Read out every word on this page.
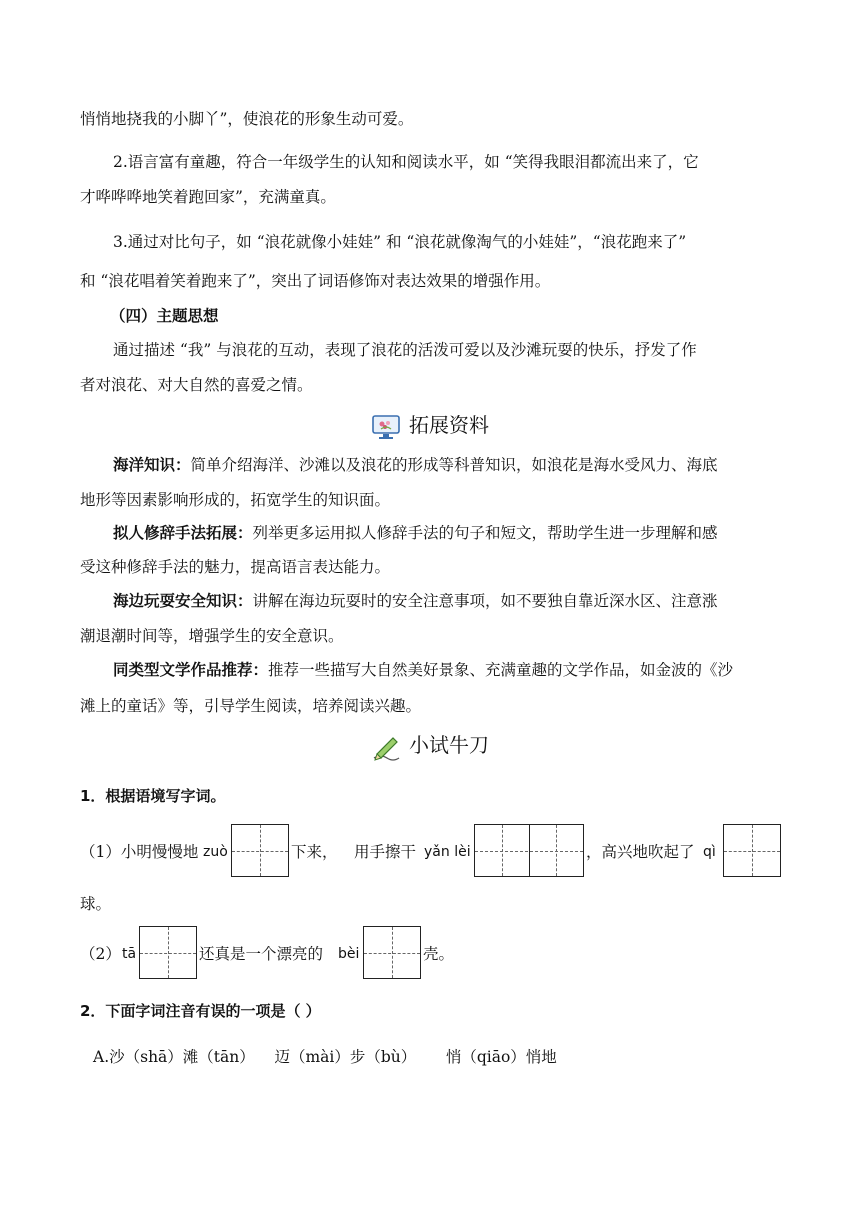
悄悄地挠我的小脚丫”，使浪花的形象生动可爱。
2.语言富有童趣，符合一年级学生的认知和阅读水平，如 “笑得我眼泪都流出来了，它
才哗哗哗地笑着跑回家”，充满童真。
3.通过对比句子，如 “浪花就像小娃娃” 和 “浪花就像淘气的小娃娃”，“浪花跑来了”
和 “浪花唱着笑着跑来了”，突出了词语修饰对表达效果的增强作用。
（四）主题思想
通过描述 “我” 与浪花的互动，表现了浪花的活泼可爱以及沙滩玩耍的快乐，抒发了作
者对浪花、对大自然的喜爱之情。
拓展资料
海洋知识：简单介绍海洋、沙滩以及浪花的形成等科普知识，如浪花是海水受风力、海底
地形等因素影响形成的，拓宽学生的知识面。
拟人修辞手法拓展：列举更多运用拟人修辞手法的句子和短文，帮助学生进一步理解和感
受这种修辞手法的魅力，提高语言表达能力。
海边玩耍安全知识：讲解在海边玩耍时的安全注意事项，如不要独自靠近深水区、注意涨
潮退潮时间等，增强学生的安全意识。
同类型文学作品推荐：推荐一些描写大自然美好景象、充满童趣的文学作品，如金波的《沙
滩上的童话》等，引导学生阅读，培养阅读兴趣。
小试牛刀
1．根据语境写字词。
（1）小明慢慢地 zuò	下来， 用手擦干 yǎn lèi	，高兴地吹起了 qì
球。
（2） tā	还真是一个漂亮的 bèi	壳。
2．下面字词注音有误的一项是（ ）
A.沙（shā）滩（tān）    迈（mài）步（bù）      悄（qiāo）悄地
